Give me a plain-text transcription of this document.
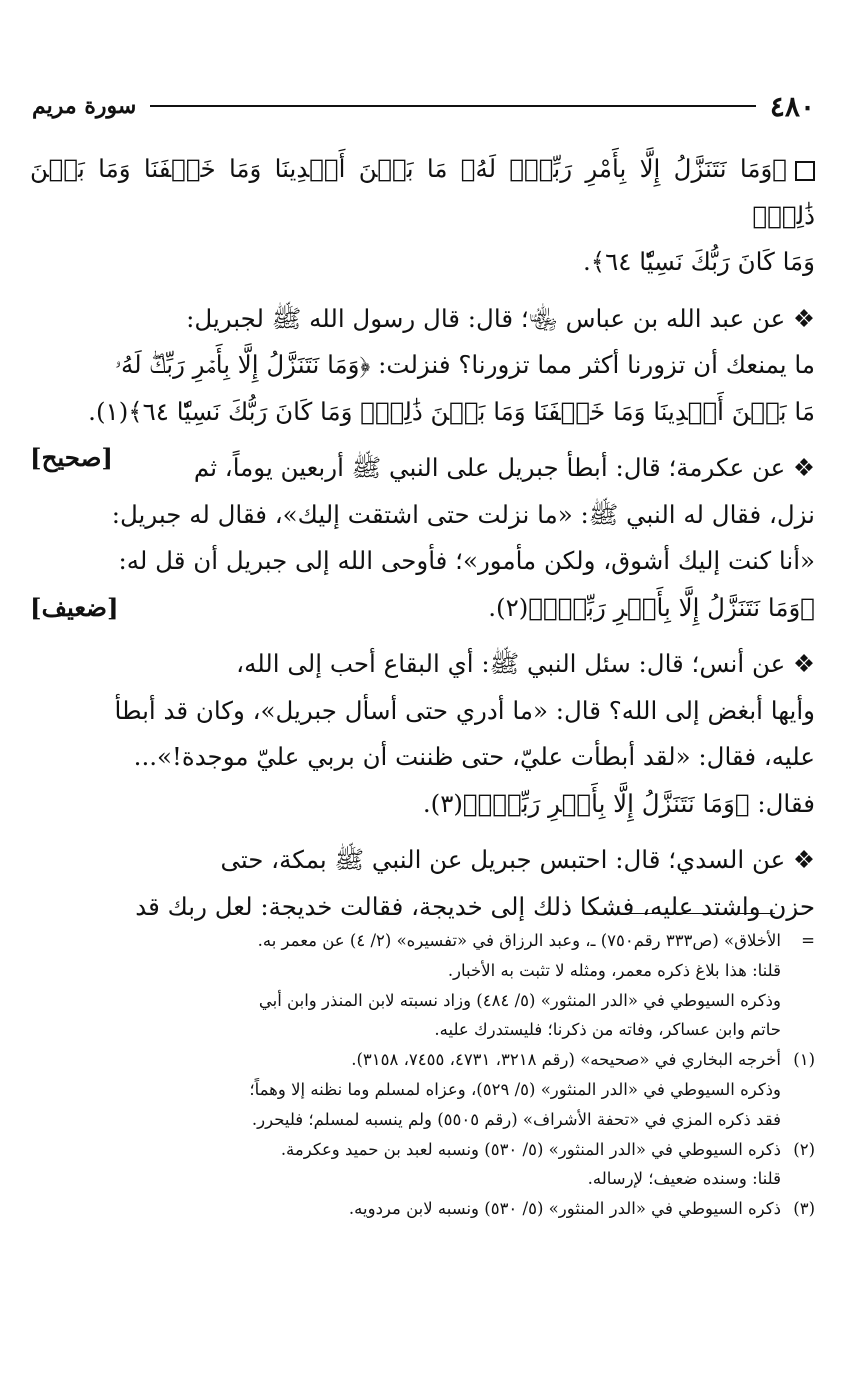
٤٨٠
سورة مريم

﴿وَمَا نَتَنَزَّلُ إِلَّا بِأَمْرِ رَبِّكَۖ لَهُۥ مَا بَيۡنَ أَيۡدِينَا وَمَا خَلۡفَنَا وَمَا بَيۡنَ ذَٰلِكَۚ

وَمَا كَانَ رَبُّكَ نَسِيّٗا ٦٤﴾.

❖ عن عبد الله بن عباس ﵄؛ قال: قال رسول الله ﷺ لجبريل:

ما يمنعك أن تزورنا أكثر مما تزورنا؟ فنزلت: ﴿وَمَا نَتَنَزَّلُ إِلَّا بِأَمۡرِ رَبِّكَۖ لَهُۥ

مَا بَيۡنَ أَيۡدِينَا وَمَا خَلۡفَنَا وَمَا بَيۡنَ ذَٰلِكَۚ وَمَا كَانَ رَبُّكَ نَسِيّٗا ٦٤﴾(١).
[صحيح]	❖ عن عكرمة؛ قال: أبطأ جبريل على النبي ﷺ أربعين يوماً، ثم

نزل، فقال له النبي ﷺ: «ما نزلت حتى اشتقت إليك»، فقال له جبريل:

«أنا كنت إليك أشوق، ولكن مأمور»؛ فأوحى الله إلى جبريل أن قل له:

﴿وَمَا نَتَنَزَّلُ إِلَّا بِأَمۡرِ رَبِّكَۖ﴾(٢).
[ضعيف]

❖ عن أنس؛ قال: سئل النبي ﷺ: أي البقاع أحب إلى الله،

وأيها أبغض إلى الله؟ قال: «ما أدري حتى أسأل جبريل»، وكان قد أبطأ

عليه، فقال: «لقد أبطأت عليّ، حتى ظننت أن بربي عليّ موجدة!»...

فقال: ﴿وَمَا نَتَنَزَّلُ إِلَّا بِأَمۡرِ رَبِّكَۖ﴾(٣).

❖ عن السدي؛ قال: احتبس جبريل عن النبي ﷺ بمكة، حتى

حزن واشتد عليه، فشكا ذلك إلى خديجة، فقالت خديجة: لعل ربك قد

=

الأخلاق» (ص٣٣٣ رقم٧٥٠) ـ، وعبد الرزاق في «تفسيره» (٢/ ٤) عن معمر به.

قلنا: هذا بلاغ ذكره معمر، ومثله لا تثبت به الأخبار.

وذكره السيوطي في «الدر المنثور» (٥/ ٤٨٤) وزاد نسبته لابن المنذر وابن أبي

حاتم وابن عساكر، وفاته من ذكرنا؛ فليستدرك عليه.

(١)

أخرجه البخاري في «صحيحه» (رقم ٣٢١٨، ٤٧٣١، ٧٤٥٥، ٣١٥٨).

وذكره السيوطي في «الدر المنثور» (٥/ ٥٢٩)، وعزاه لمسلم وما نظنه إلا وهماً؛

فقد ذكره المزي في «تحفة الأشراف» (رقم ٥٥٠٥) ولم ينسبه لمسلم؛ فليحرر.

(٢)

ذكره السيوطي في «الدر المنثور» (٥/ ٥٣٠) ونسبه لعبد بن حميد وعكرمة.

قلنا: وسنده ضعيف؛ لإرساله.

(٣)

ذكره السيوطي في «الدر المنثور» (٥/ ٥٣٠) ونسبه لابن مردويه.
